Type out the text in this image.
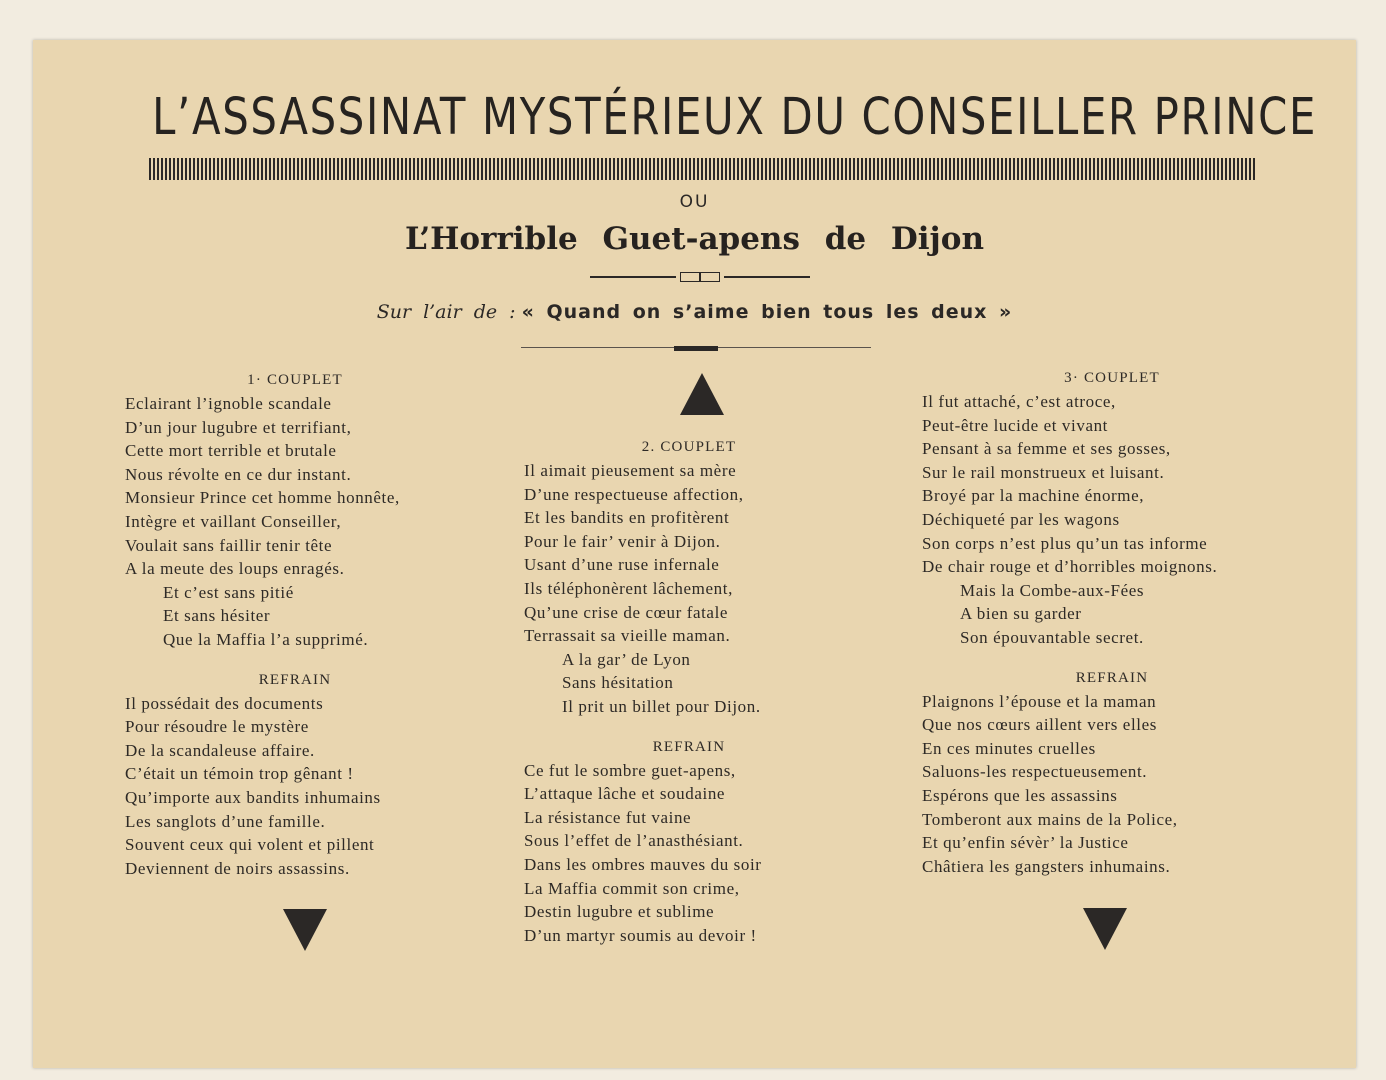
L’ASSASSINAT MYSTÉRIEUX DU CONSEILLER PRINCE
OU
L’Horrible Guet-apens de Dijon
Sur l’air de : « Quand on s’aime bien tous les deux »
1· COUPLET
Eclairant l’ignoble scandale
D’un jour lugubre et terrifiant,
Cette mort terrible et brutale
Nous révolte en ce dur instant.
Monsieur Prince cet homme honnête,
Intègre et vaillant Conseiller,
Voulait sans faillir tenir tête
A la meute des loups enragés.
Et c’est sans pitié
Et sans hésiter
Que la Maffia l’a supprimé.
REFRAIN
Il possédait des documents
Pour résoudre le mystère
De la scandaleuse affaire.
C’était un témoin trop gênant !
Qu’importe aux bandits inhumains
Les sanglots d’une famille.
Souvent ceux qui volent et pillent
Deviennent de noirs assassins.
2. COUPLET
Il aimait pieusement sa mère
D’une respectueuse affection,
Et les bandits en profitèrent
Pour le fair’ venir à Dijon.
Usant d’une ruse infernale
Ils téléphonèrent lâchement,
Qu’une crise de cœur fatale
Terrassait sa vieille maman.
A la gar’ de Lyon
Sans hésitation
Il prit un billet pour Dijon.
REFRAIN
Ce fut le sombre guet-apens,
L’attaque lâche et soudaine
La résistance fut vaine
Sous l’effet de l’anasthésiant.
Dans les ombres mauves du soir
La Maffia commit son crime,
Destin lugubre et sublime
D’un martyr soumis au devoir !
3· COUPLET
Il fut attaché, c’est atroce,
Peut-être lucide et vivant
Pensant à sa femme et ses gosses,
Sur le rail monstrueux et luisant.
Broyé par la machine énorme,
Déchiqueté par les wagons
Son corps n’est plus qu’un tas informe
De chair rouge et d’horribles moignons.
Mais la Combe-aux-Fées
A bien su garder
Son épouvantable secret.
REFRAIN
Plaignons l’épouse et la maman
Que nos cœurs aillent vers elles
En ces minutes cruelles
Saluons-les respectueusement.
Espérons que les assassins
Tomberont aux mains de la Police,
Et qu’enfin sévèr’ la Justice
Châtiera les gangsters inhumains.
